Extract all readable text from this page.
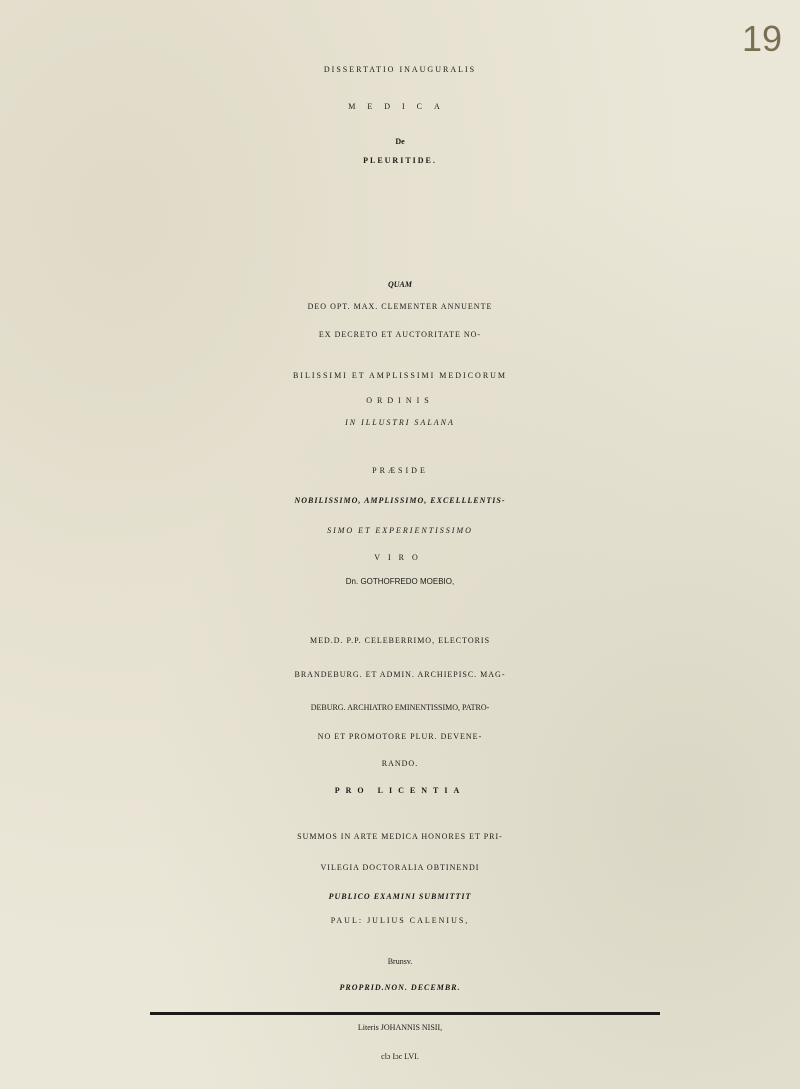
19
DISSERTATIO INAUGURALIS
MEDICA
De
PLEURITIDE.
QUAM
DEO OPT. MAX. CLEMENTER ANNUENTE
EX DECRETO ET AUCTORITATE NO-
BILISSIMI ET AMPLISSIMI MEDICORUM
ORDINIS
IN ILLUSTRI SALANA
PRÆSIDE
NOBILISSIMO, AMPLISSIMO, EXCELLLENTIS-
SIMO ET EXPERIENTISSIMO
VIRO
Dn. GOTHOFREDO MOEBIO,
MED.D. P.P. CELEBERRIMO, ELECTORIS
BRANDEBURG. ET ADMIN. ARCHIEPISC. MAG-
DEBURG. ARCHIATRO EMINENTISSIMO, PATRO-
NO ET PROMOTORE PLUR. DEVENE-
RANDO.
PRO LICENTIA
SUMMOS IN ARTE MEDICA HONORES ET PRI-
VILEGIA DOCTORALIA OBTINENDI
PUBLICO EXAMINI SUBMITTIT
PAUL: JULIUS CALENIUS,
Brunsv.
PROPRID.NON. DECEMBR.
Literis JOHANNIS NISII,
clɔ Iɔc LVI.
